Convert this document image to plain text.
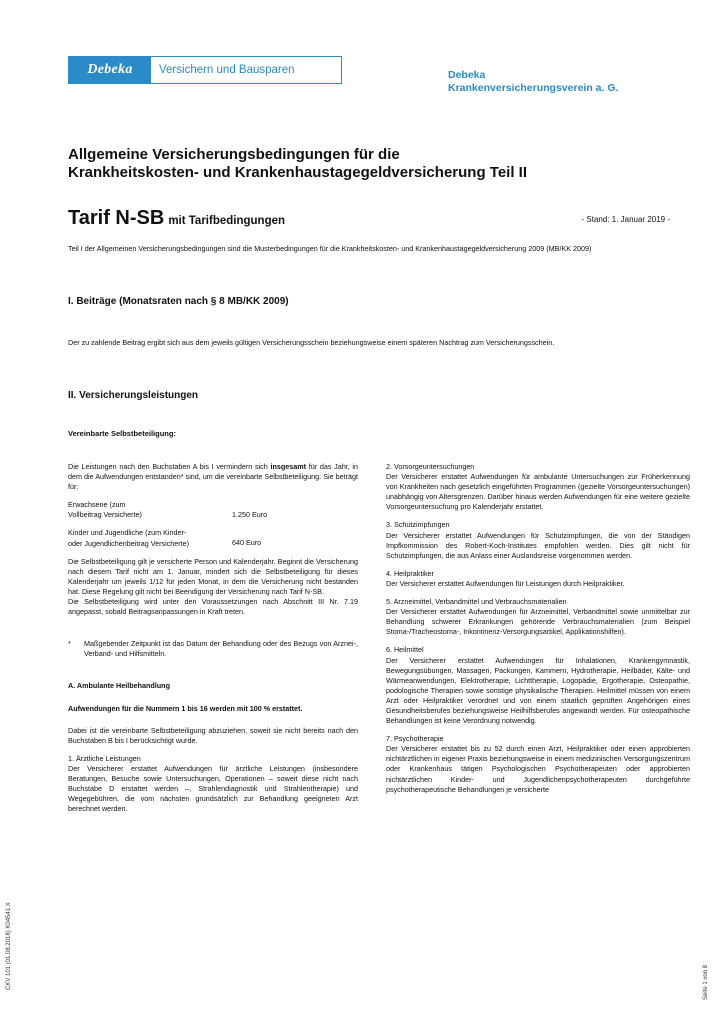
Debeka	Versichern und Bausparen	Debeka
Krankenversicherungsverein a. G.
Allgemeine Versicherungsbedingungen für die
Krankheitskosten- und Krankenhaustagegeldversicherung Teil II
Tarif N-SB mit Tarifbedingungen	- Stand: 1. Januar 2019 -
Teil I der Allgemeinen Versicherungsbedingungen sind die Musterbedingungen für die Krankheitskosten- und Krankenhaustagegeldversicherung 2009 (MB/KK 2009)
I. Beiträge (Monatsraten nach § 8 MB/KK 2009)
Der zu zahlende Beitrag ergibt sich aus dem jeweils gültigen Versicherungsschein beziehungsweise einem späteren Nachtrag zum Versicherungsschein.
II. Versicherungsleistungen
Vereinbarte Selbstbeteiligung:

Die Leistungen nach den Buchstaben A bis I vermindern sich insgesamt für das Jahr, in dem die Aufwendungen entstanden* sind, um die vereinbarte Selbstbeteiligung. Sie beträgt für:

Erwachsene (zum Vollbeitrag Versicherte)	1.250 Euro
Kinder und Jugendliche (zum Kinder- oder Jugendlichenbeitrag Versicherte)	640 Euro

Die Selbstbeteiligung gilt je versicherte Person und Kalenderjahr. Beginnt die Versicherung nach diesem Tarif nicht am 1. Januar, mindert sich die Selbstbeteiligung für dieses Kalenderjahr um jeweils 1/12 für jeden Monat, in dem die Versicherung nicht bestanden hat. Diese Regelung gilt nicht bei Beendigung der Versicherung nach Tarif N-SB.

Die Selbstbeteiligung wird unter den Voraussetzungen nach Abschnitt III Nr. 7.19 angepasst, sobald Beitragsanpassungen in Kraft treten.

*	Maßgebender Zeitpunkt ist das Datum der Behandlung oder des Bezugs von Arznei-, Verband- und Hilfsmitteln.

A. Ambulante Heilbehandlung

Aufwendungen für die Nummern 1 bis 16 werden mit 100 % erstattet.

Dabei ist die vereinbarte Selbstbeteiligung abzuziehen, soweit sie nicht bereits nach den Buchstaben B bis I berücksichtigt wurde.

1. Ärztliche Leistungen
Der Versicherer erstattet Aufwendungen für ärztliche Leistungen (insbesondere Beratungen, Besuche sowie Untersuchungen, Operationen – soweit diese nicht nach Buchstabe D erstattet werden –, Strahlendiagnostik und Strahlentherapie) und Wegegebühren, die vom nächsten grundsätzlich zur Behandlung geeigneten Arzt berechnet werden.

2. Vorsorgeuntersuchungen
Der Versicherer erstattet Aufwendungen für ambulante Untersuchungen zur Früherkennung von Krankheiten nach gesetzlich eingeführten Programmen (gezielte Vorsorgeuntersuchungen) unabhängig von Altersgrenzen. Darüber hinaus werden Aufwendungen für eine weitere gezielte Vorsorgeuntersuchung pro Kalenderjahr erstattet.

3. Schutzimpfungen
Der Versicherer erstattet Aufwendungen für Schutzimpfungen, die von der Ständigen Impfkommission des Robert-Koch-Institutes empfohlen werden. Dies gilt nicht für Schutzimpfungen, die aus Anlass einer Auslandsreise vorgenommen werden.

4. Heilpraktiker
Der Versicherer erstattet Aufwendungen für Leistungen durch Heilpraktiker.

5. Arzneimittel, Verbandmittel und Verbrauchsmaterialien
Der Versicherer erstattet Aufwendungen für Arzneimittel, Verbandmittel sowie unmittelbar zur Behandlung schwerer Erkrankungen gehörende Verbrauchsmaterialien (zum Beispiel Stoma-/Tracheostoma-, Inkontinenz-Versorgungsartikel, Applikationshilfen).

6. Heilmittel
Der Versicherer erstattet Aufwendungen für Inhalationen, Krankengymnastik, Bewegungsübungen, Massagen, Packungen, Kammern, Hydrotherapie, Heilbäder, Kälte- und Wärmeanwendungen, Elektrotherapie, Lichttherapie, Logopädie, Ergotherapie, Osteopathie, podologische Therapien sowie sonstige physikalische Therapien. Heilmittel müssen von einem Arzt oder Heilpraktiker verordnet und von einem staatlich geprüften Angehörigen eines Gesundheitsberufes beziehungsweise Heilhilfsberufes angewandt werden. Für osteopathische Behandlungen ist keine Verordnung notwendig.

7. Psychotherapie
Der Versicherer erstattet bis zu 52 durch einen Arzt, Heilpraktiker oder einen approbierten nichtärztlichen in eigener Praxis beziehungsweise in einem medizinischen Versorgungszentrum oder Krankenhaus tätigen Psychologischen Psychotherapeuten oder approbierten nichtärztlichen Kinder- und Jugendlichenpsychotherapeuten durchgeführte psychotherapeutische Behandlungen je versicherte

CKV 101 (01.08.2018) K04541 X	Seite 1 von 8
